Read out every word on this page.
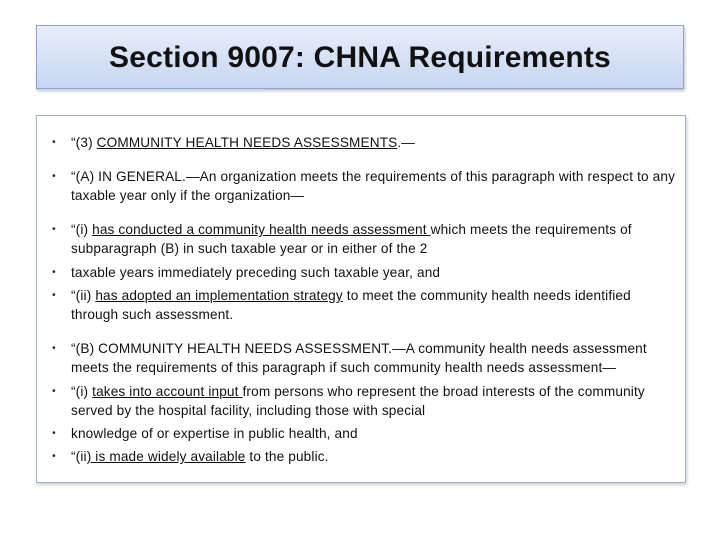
Section 9007: CHNA Requirements
•	“(3) COMMUNITY HEALTH NEEDS ASSESSMENTS.—
•	“(A) IN GENERAL.—An organization meets the requirements of this paragraph with respect to any taxable year only if the organization—
•	“(i) has conducted a community health needs assessment which meets the requirements of subparagraph (B) in such taxable year or in either of the 2
•	taxable years immediately preceding such taxable year, and
•	“(ii) has adopted an implementation strategy to meet the community health needs identified through such assessment.
•	“(B) COMMUNITY HEALTH NEEDS ASSESSMENT.—A community health needs assessment meets the requirements of this paragraph if such community health needs assessment—
•	“(i) takes into account input from persons who represent the broad interests of the community served by the hospital facility, including those with special
•	knowledge of or expertise in public health, and
•	“(ii) is made widely available to the public.
